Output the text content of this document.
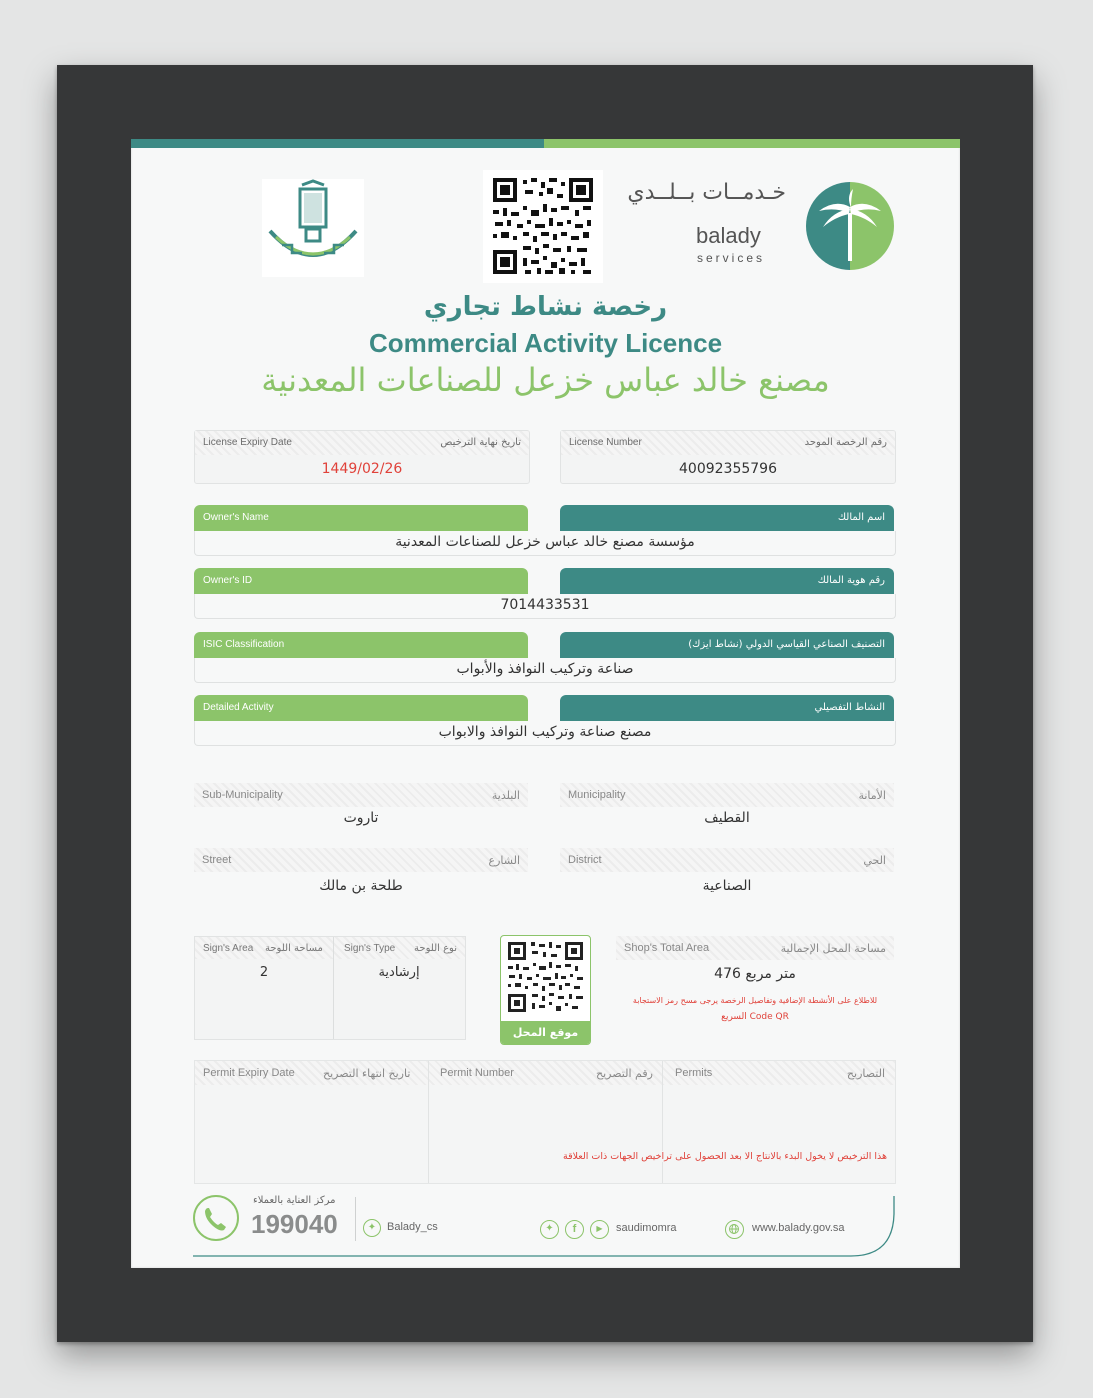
خـدمــات بــلــدي
balady
services
رخصة نشاط تجاري
Commercial Activity Licence
مصنع خالد عباس خزعل للصناعات المعدنية
License Expiry Date	تاريخ نهاية الترخيص
1449/02/26
License Number	رقم الرخصة الموحد
40092355796
Owner's Name	اسم المالك
مؤسسة مصنع خالد عباس خزعل للصناعات المعدنية
Owner's ID	رقم هوية المالك
7014433531
ISIC Classification	التصنيف الصناعي القياسي الدولي (نشاط ايزك)
صناعة وتركيب النوافذ والأبواب
Detailed Activity	النشاط التفصيلي
مصنع صناعة وتركيب النوافذ والابواب
Sub-Municipality	البلدية
تاروت
Municipality	الأمانة
القطيف
Street	الشارع
طلحة بن مالك
District	الحي
الصناعية
Sign's Area مساحة اللوحة Sign's Type نوع اللوحة
2	إرشادية
موقع المحل
Shop's Total Area	مساحة المحل الإجمالية
476 متر مربع
للاطلاع على الأنشطة الإضافية وتفاصيل الرخصة يرجى مسح رمز الاستجابة
السريع Code QR
Permit Expiry Date	تاريخ انتهاء التصريح	Permit Number	رقم التصريح Permits	التصاريح
هذا الترخيص لا يخول البدء بالانتاج الا بعد الحصول على تراخيص الجهات ذات العلاقة
مركز العناية بالعملاء
199040	✦ Balady_cs	✦	f	▶	saudimomra	www.balady.gov.sa
